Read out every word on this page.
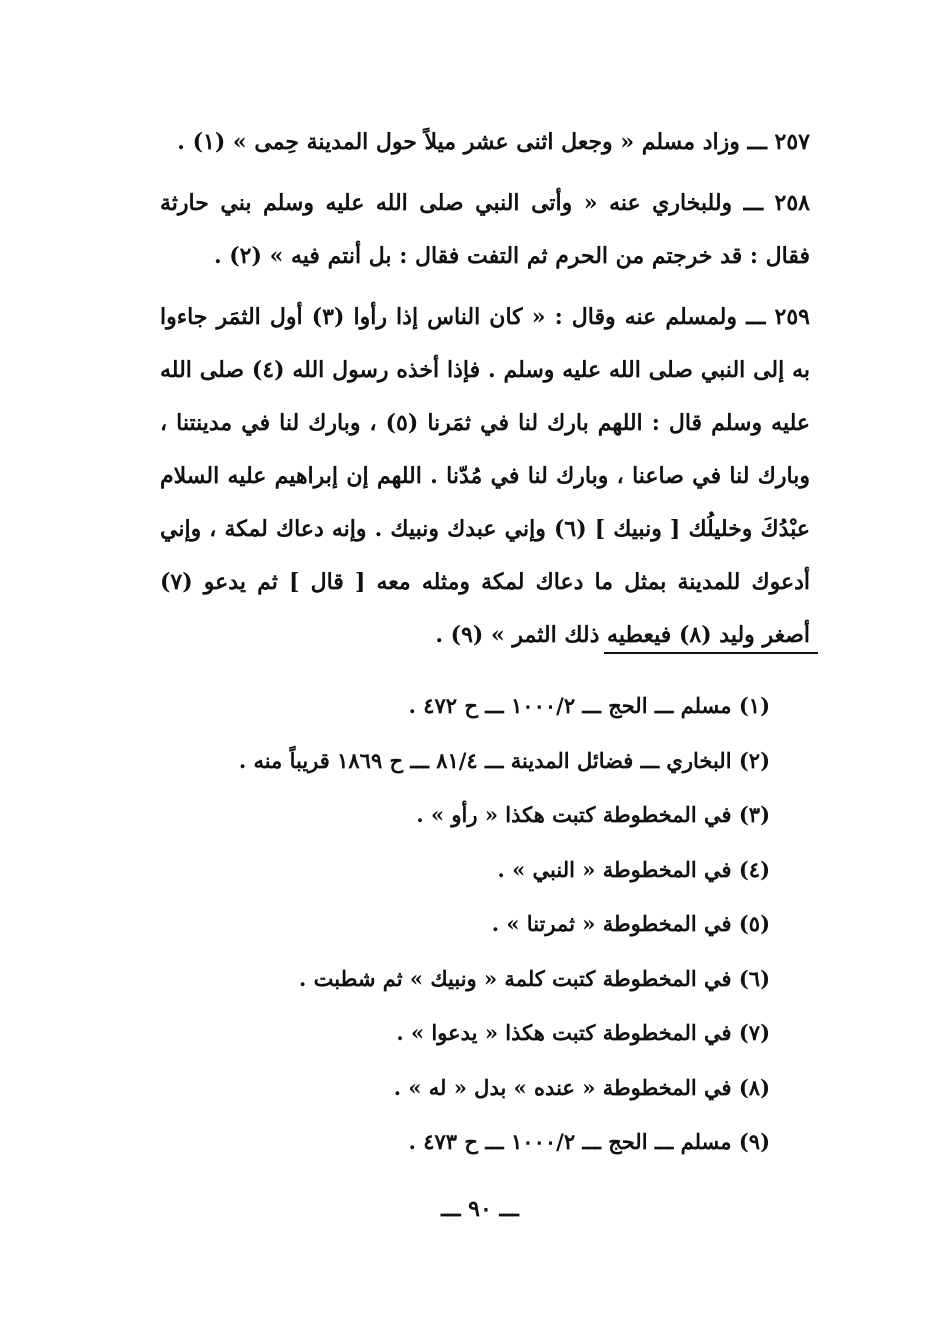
٢٥٧ ـــ وزاد مسلم « وجعل اثنى عشر ميلاً حول المدينة حِمى » (١) .

٢٥٨ ـــ وللبخاري عنه « وأتى النبي صلى الله عليه وسلم بني حارثة فقال : قد خرجتم من الحرم ثم التفت فقال : بل أنتم فيه » (٢) .

٢٥٩ ـــ ولمسلم عنه وقال : « كان الناس إذا رأوا (٣) أول الثمَر جاءوا به إلى النبي صلى الله عليه وسلم . فإذا أخذه رسول الله (٤) صلى الله عليه وسلم قال : اللهم بارك لنا في ثمَرنا (٥) ، وبارك لنا في مدينتنا ، وبارك لنا في صاعنا ، وبارك لنا في مُدّنا . اللهم إن إبراهيم عليه السلام عبْدُكَ وخليلُك [ ونبيك ] (٦) وإني عبدك ونبيك . وإنه دعاك لمكة ، وإني أدعوك للمدينة بمثل ما دعاك لمكة ومثله معه [ قال ] ثم يدعو (٧) أصغر وليد (٨) فيعطيه ذلك الثمر » (٩) .

(١) مسلم ـــ الحج ـــ ١٠٠٠/٢ ـــ ح ٤٧٢ .
(٢) البخاري ـــ فضائل المدينة ـــ ٨١/٤ ـــ ح ١٨٦٩ قريباً منه .
(٣) في المخطوطة كتبت هكذا « رأو » .
(٤) في المخطوطة « النبي » .
(٥) في المخطوطة « ثمرتنا » .
(٦) في المخطوطة كتبت كلمة « ونبيك » ثم شطبت .
(٧) في المخطوطة كتبت هكذا « يدعوا » .
(٨) في المخطوطة « عنده » بدل « له » .
(٩) مسلم ـــ الحج ـــ ١٠٠٠/٢ ـــ ح ٤٧٣ .
ـــ ٩٠ ـــ
